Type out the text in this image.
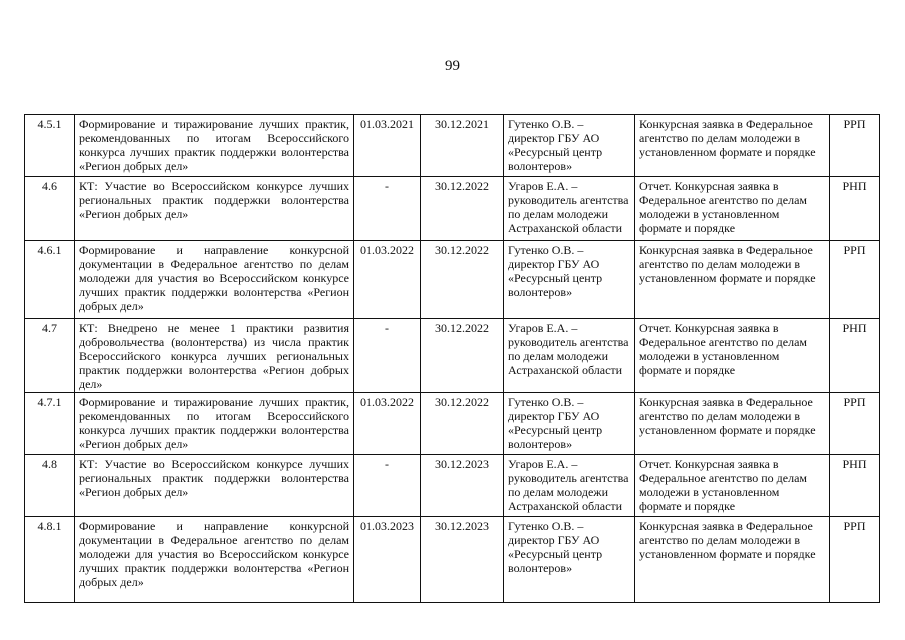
99
4.5.1	Формирование и тиражирование лучших практик, рекомендованных по итогам Всероссийского конкурса лучших практик поддержки волонтерства «Регион добрых дел»	01.03.2021	30.12.2021	Гутенко О.В. – директор ГБУ АО «Ресурсный центр волонтеров»	Конкурсная заявка в Федеральное агентство по делам молодежи в установленном формате и порядке	РРП
4.6	КТ: Участие во Всероссийском конкурсе лучших региональных практик поддержки волонтерства «Регион добрых дел»	-	30.12.2022	Угаров Е.А. – руководитель агентства по делам молодежи Астраханской области	Отчет. Конкурсная заявка в Федеральное агентство по делам молодежи в установленном формате и порядке	РНП
4.6.1	Формирование и направление конкурсной документации в Федеральное агентство по делам молодежи для участия во Всероссийском конкурсе лучших практик поддержки волонтерства «Регион добрых дел»	01.03.2022	30.12.2022	Гутенко О.В. – директор ГБУ АО «Ресурсный центр волонтеров»	Конкурсная заявка в Федеральное агентство по делам молодежи в установленном формате и порядке	РРП
4.7	КТ: Внедрено не менее 1 практики развития добровольчества (волонтерства) из числа практик Всероссийского конкурса лучших региональных практик поддержки волонтерства «Регион добрых дел»	-	30.12.2022	Угаров Е.А. – руководитель агентства по делам молодежи Астраханской области	Отчет. Конкурсная заявка в Федеральное агентство по делам молодежи в установленном формате и порядке	РНП
4.7.1	Формирование и тиражирование лучших практик, рекомендованных по итогам Всероссийского конкурса лучших практик поддержки волонтерства «Регион добрых дел»	01.03.2022	30.12.2022	Гутенко О.В. – директор ГБУ АО «Ресурсный центр волонтеров»	Конкурсная заявка в Федеральное агентство по делам молодежи в установленном формате и порядке	РРП
4.8	КТ: Участие во Всероссийском конкурсе лучших региональных практик поддержки волонтерства «Регион добрых дел»	-	30.12.2023	Угаров Е.А. – руководитель агентства по делам молодежи Астраханской области	Отчет. Конкурсная заявка в Федеральное агентство по делам молодежи в установленном формате и порядке	РНП
4.8.1	Формирование и направление конкурсной документации в Федеральное агентство по делам молодежи для участия во Всероссийском конкурсе лучших практик поддержки волонтерства «Регион добрых дел»	01.03.2023	30.12.2023	Гутенко О.В. – директор ГБУ АО «Ресурсный центр волонтеров»	Конкурсная заявка в Федеральное агентство по делам молодежи в установленном формате и порядке	РРП
